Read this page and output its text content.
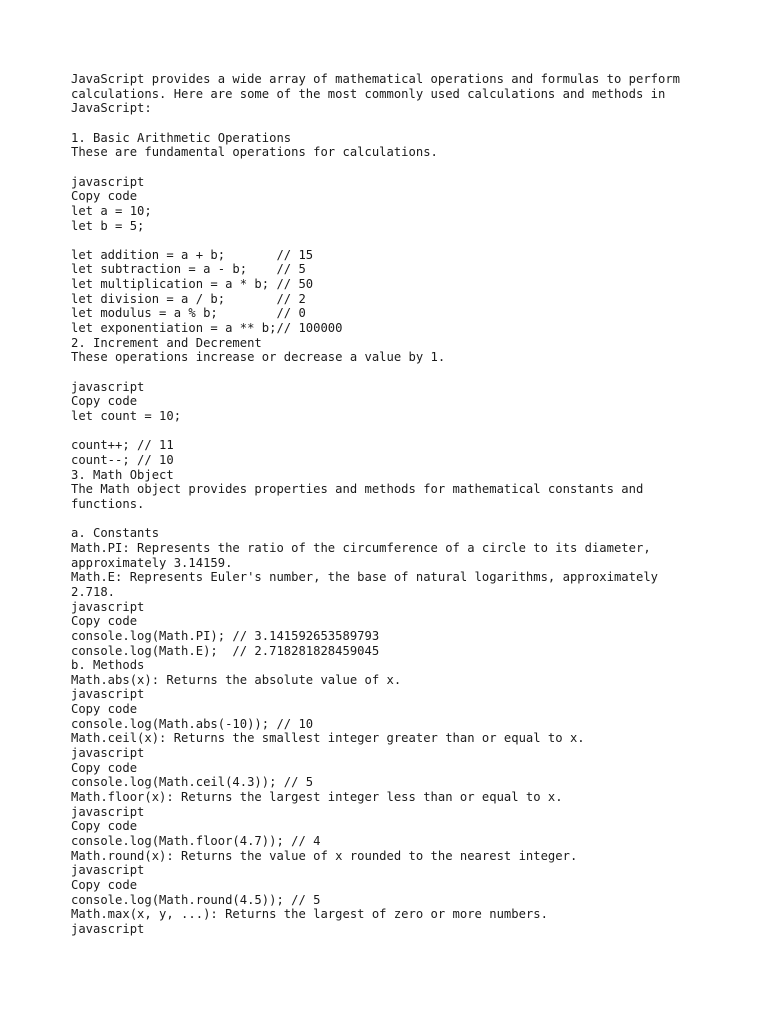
JavaScript provides a wide array of mathematical operations and formulas to perform
calculations. Here are some of the most commonly used calculations and methods in
JavaScript:
1. Basic Arithmetic Operations
These are fundamental operations for calculations.
javascript
Copy code
let a = 10;
let b = 5;
let addition = a + b;       // 15
let subtraction = a - b;    // 5
let multiplication = a * b; // 50
let division = a / b;       // 2
let modulus = a % b;        // 0
let exponentiation = a ** b;// 100000
2. Increment and Decrement
These operations increase or decrease a value by 1.
javascript
Copy code
let count = 10;
count++; // 11
count--; // 10
3. Math Object
The Math object provides properties and methods for mathematical constants and
functions.
a. Constants
Math.PI: Represents the ratio of the circumference of a circle to its diameter,
approximately 3.14159.
Math.E: Represents Euler's number, the base of natural logarithms, approximately
2.718.
javascript
Copy code
console.log(Math.PI); // 3.141592653589793
console.log(Math.E);  // 2.718281828459045
b. Methods
Math.abs(x): Returns the absolute value of x.
javascript
Copy code
console.log(Math.abs(-10)); // 10
Math.ceil(x): Returns the smallest integer greater than or equal to x.
javascript
Copy code
console.log(Math.ceil(4.3)); // 5
Math.floor(x): Returns the largest integer less than or equal to x.
javascript
Copy code
console.log(Math.floor(4.7)); // 4
Math.round(x): Returns the value of x rounded to the nearest integer.
javascript
Copy code
console.log(Math.round(4.5)); // 5
Math.max(x, y, ...): Returns the largest of zero or more numbers.
javascript
